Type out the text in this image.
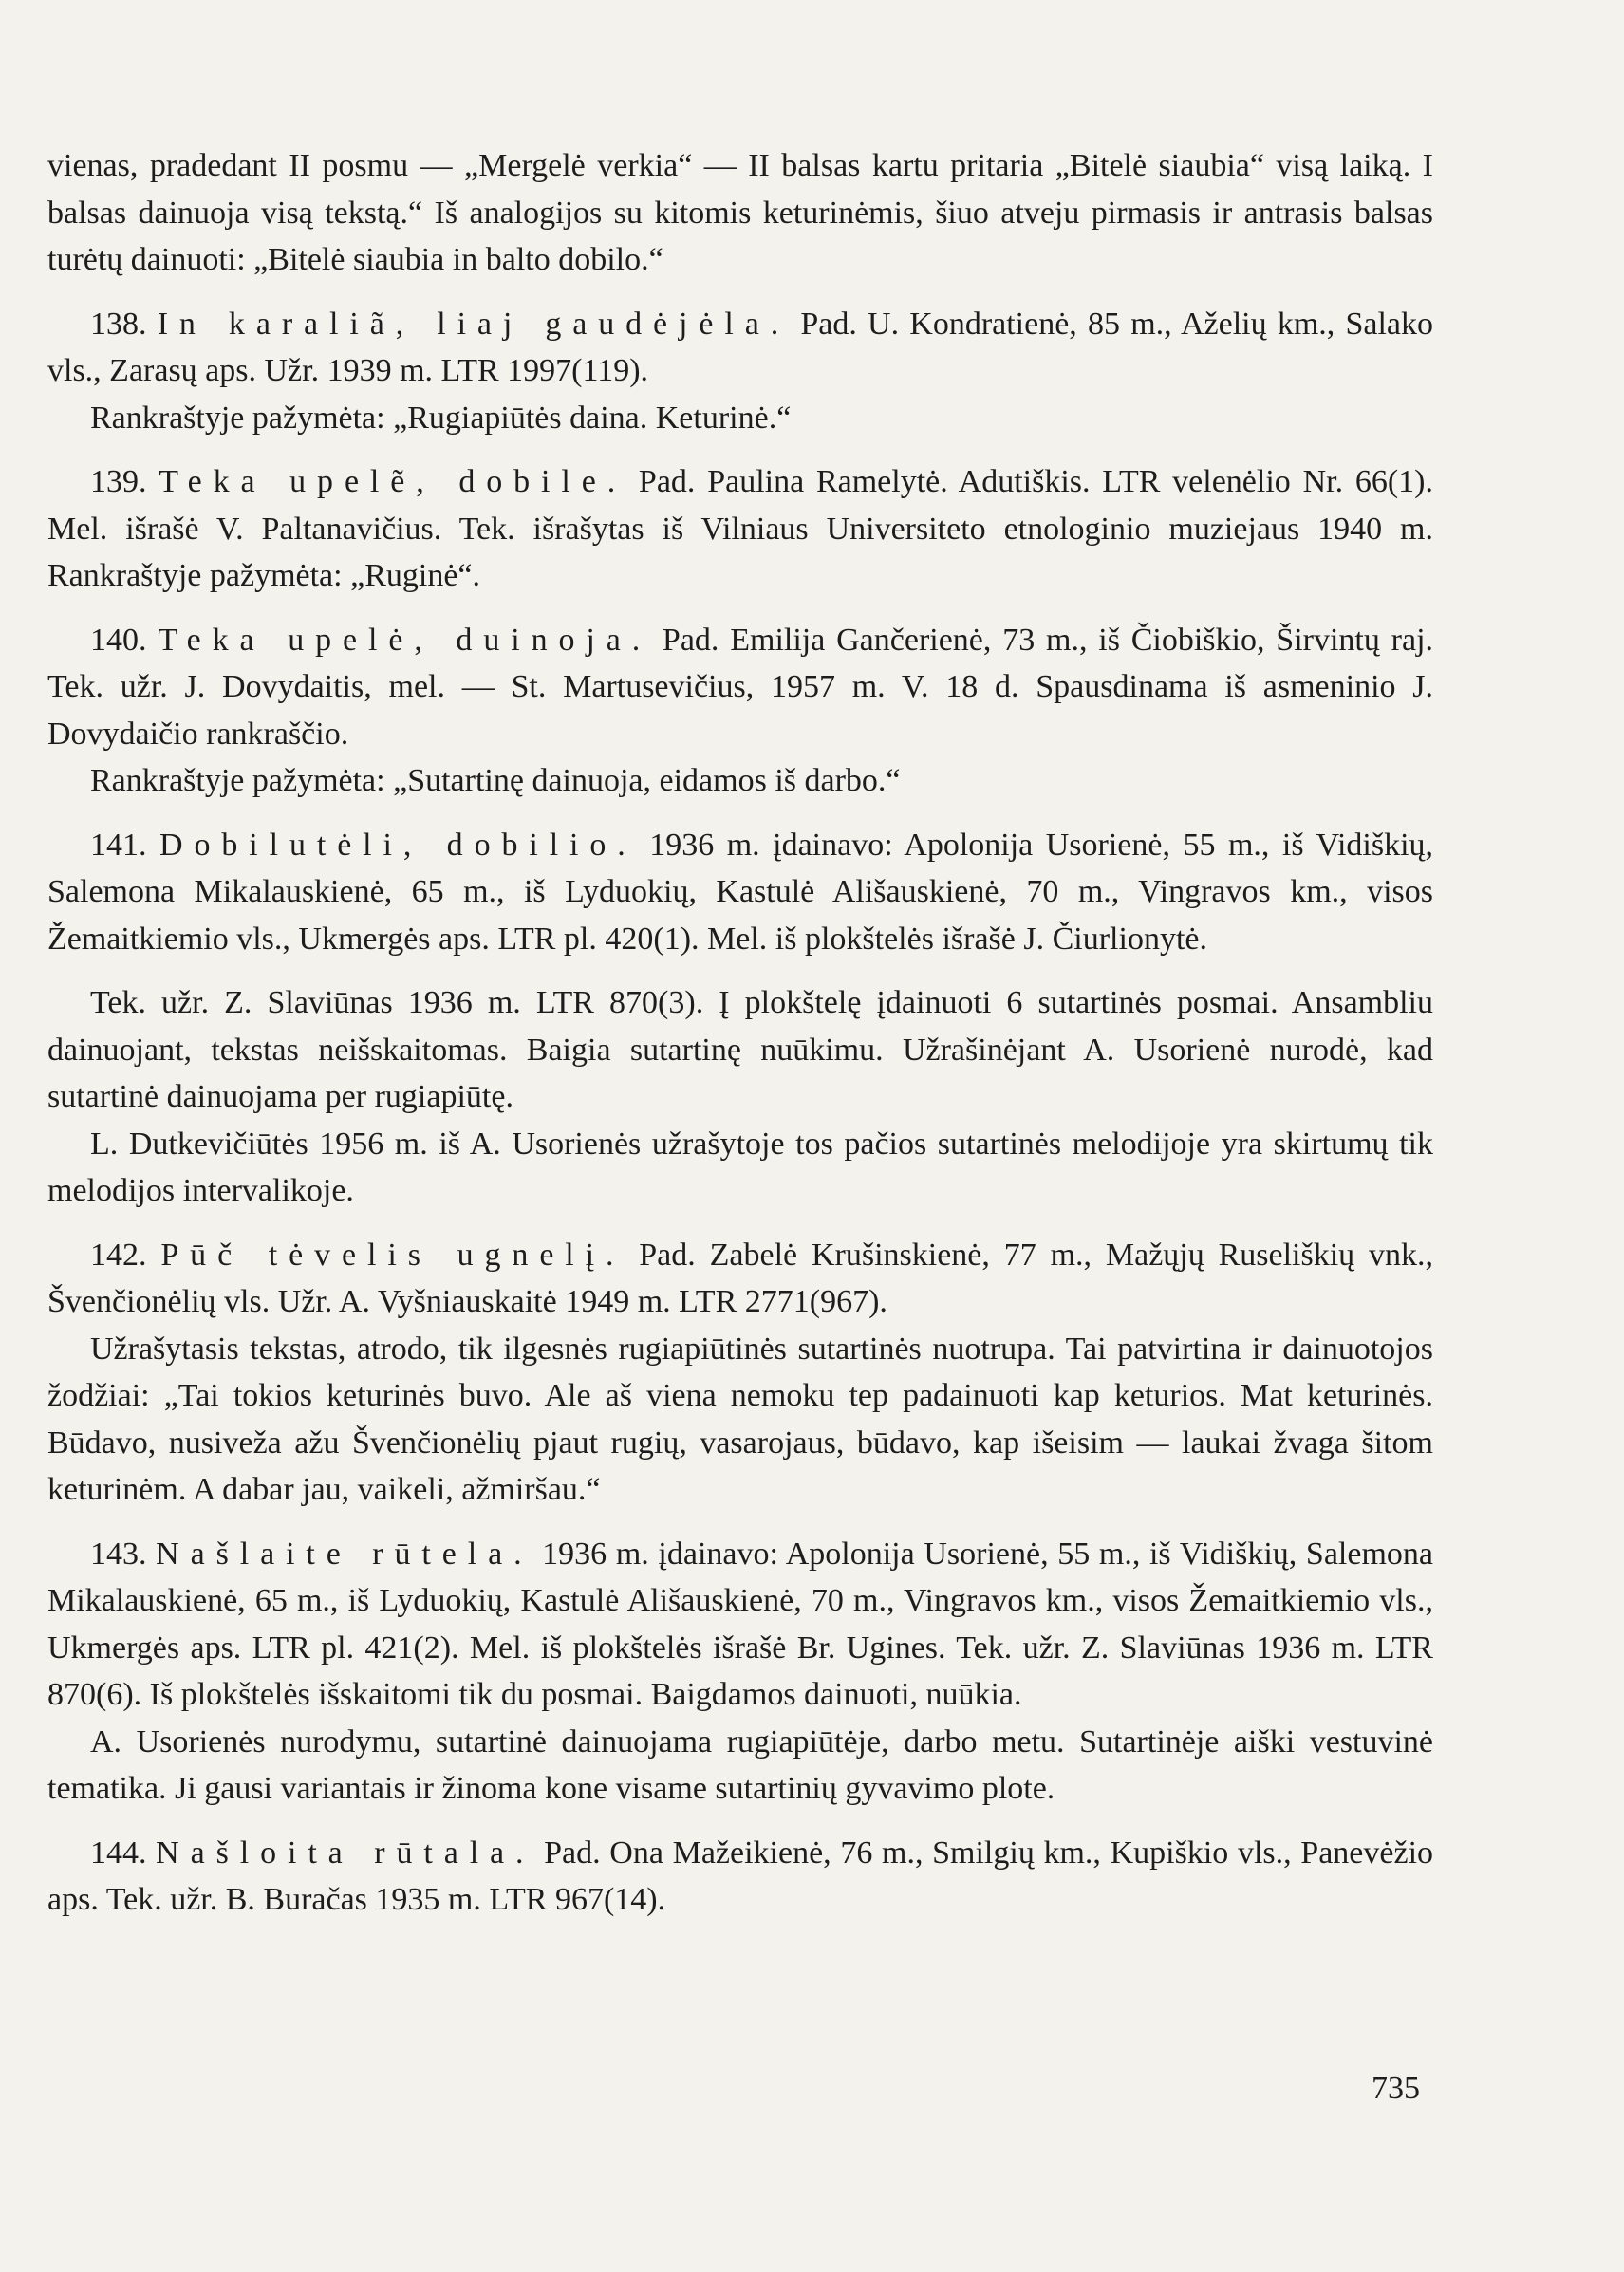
vienas, pradedant II posmu — „Mergelė verkia“ — II balsas kartu pritaria „Bitelė siaubia“ visą laiką. I balsas dainuoja visą tekstą.“ Iš analogijos su kitomis keturinėmis, šiuo atveju pirmasis ir antrasis balsas turėtų dainuoti: „Bitelė siaubia in balto dobilo.“

138. In karaliã, liaj gaudėjėla. Pad. U. Kondratienė, 85 m., Aželių km., Salako vls., Zarasų aps. Užr. 1939 m. LTR 1997(119).

Rankraštyje pažymėta: „Rugiapiūtės daina. Keturinė.“

139. Teka upelẽ, dobile. Pad. Paulina Ramelytė. Adutiškis. LTR velenėlio Nr. 66(1). Mel. išrašė V. Paltanavičius. Tek. išrašytas iš Vilniaus Universiteto etnologinio muziejaus 1940 m. Rankraštyje pažymėta: „Ruginė“.

140. Teka upelė, duinoja. Pad. Emilija Gančerienė, 73 m., iš Čiobiškio, Širvintų raj. Tek. užr. J. Dovydaitis, mel. — St. Martusevičius, 1957 m. V. 18 d. Spausdinama iš asmeninio J. Dovydaičio rankraščio.

Rankraštyje pažymėta: „Sutartinę dainuoja, eidamos iš darbo.“

141. Dobilutėli, dobilio. 1936 m. įdainavo: Apolonija Usorienė, 55 m., iš Vidiškių, Salemona Mikalauskienė, 65 m., iš Lyduokių, Kastulė Ališauskienė, 70 m., Vingravos km., visos Žemaitkiemio vls., Ukmergės aps. LTR pl. 420(1). Mel. iš plokštelės išrašė J. Čiurlionytė.

Tek. užr. Z. Slaviūnas 1936 m. LTR 870(3). Į plokštelę įdainuoti 6 sutartinės posmai. Ansambliu dainuojant, tekstas neišskaitomas. Baigia sutartinę nuūkimu. Užrašinėjant A. Usorienė nurodė, kad sutartinė dainuojama per rugiapiūtę.

L. Dutkevičiūtės 1956 m. iš A. Usorienės užrašytoje tos pačios sutartinės melodijoje yra skirtumų tik melodijos intervalikoje.

142. Pūč tėvelis ugnelį. Pad. Zabelė Krušinskienė, 77 m., Mažųjų Ruseliškių vnk., Švenčionėlių vls. Užr. A. Vyšniauskaitė 1949 m. LTR 2771(967).

Užrašytasis tekstas, atrodo, tik ilgesnės rugiapiūtinės sutartinės nuotrupa. Tai patvirtina ir dainuotojos žodžiai: „Tai tokios keturinės buvo. Ale aš viena nemoku tep padainuoti kap keturios. Mat keturinės. Būdavo, nusiveža ažu Švenčionėlių pjaut rugių, vasarojaus, būdavo, kap išeisim — laukai žvaga šitom keturinėm. A dabar jau, vaikeli, ažmiršau.“

143. Našlaite rūtela. 1936 m. įdainavo: Apolonija Usorienė, 55 m., iš Vidiškių, Salemona Mikalauskienė, 65 m., iš Lyduokių, Kastulė Ališauskienė, 70 m., Vingravos km., visos Žemaitkiemio vls., Ukmergės aps. LTR pl. 421(2). Mel. iš plokštelės išrašė Br. Ugines. Tek. užr. Z. Slaviūnas 1936 m. LTR 870(6). Iš plokštelės išskaitomi tik du posmai. Baigdamos dainuoti, nuūkia.

A. Usorienės nurodymu, sutartinė dainuojama rugiapiūtėje, darbo metu. Sutartinėje aiški vestuvinė tematika. Ji gausi variantais ir žinoma kone visame sutartinių gyvavimo plote.

144. Našloita rūtala. Pad. Ona Mažeikienė, 76 m., Smilgių km., Kupiškio vls., Panevėžio aps. Tek. užr. B. Buračas 1935 m. LTR 967(14).

735
